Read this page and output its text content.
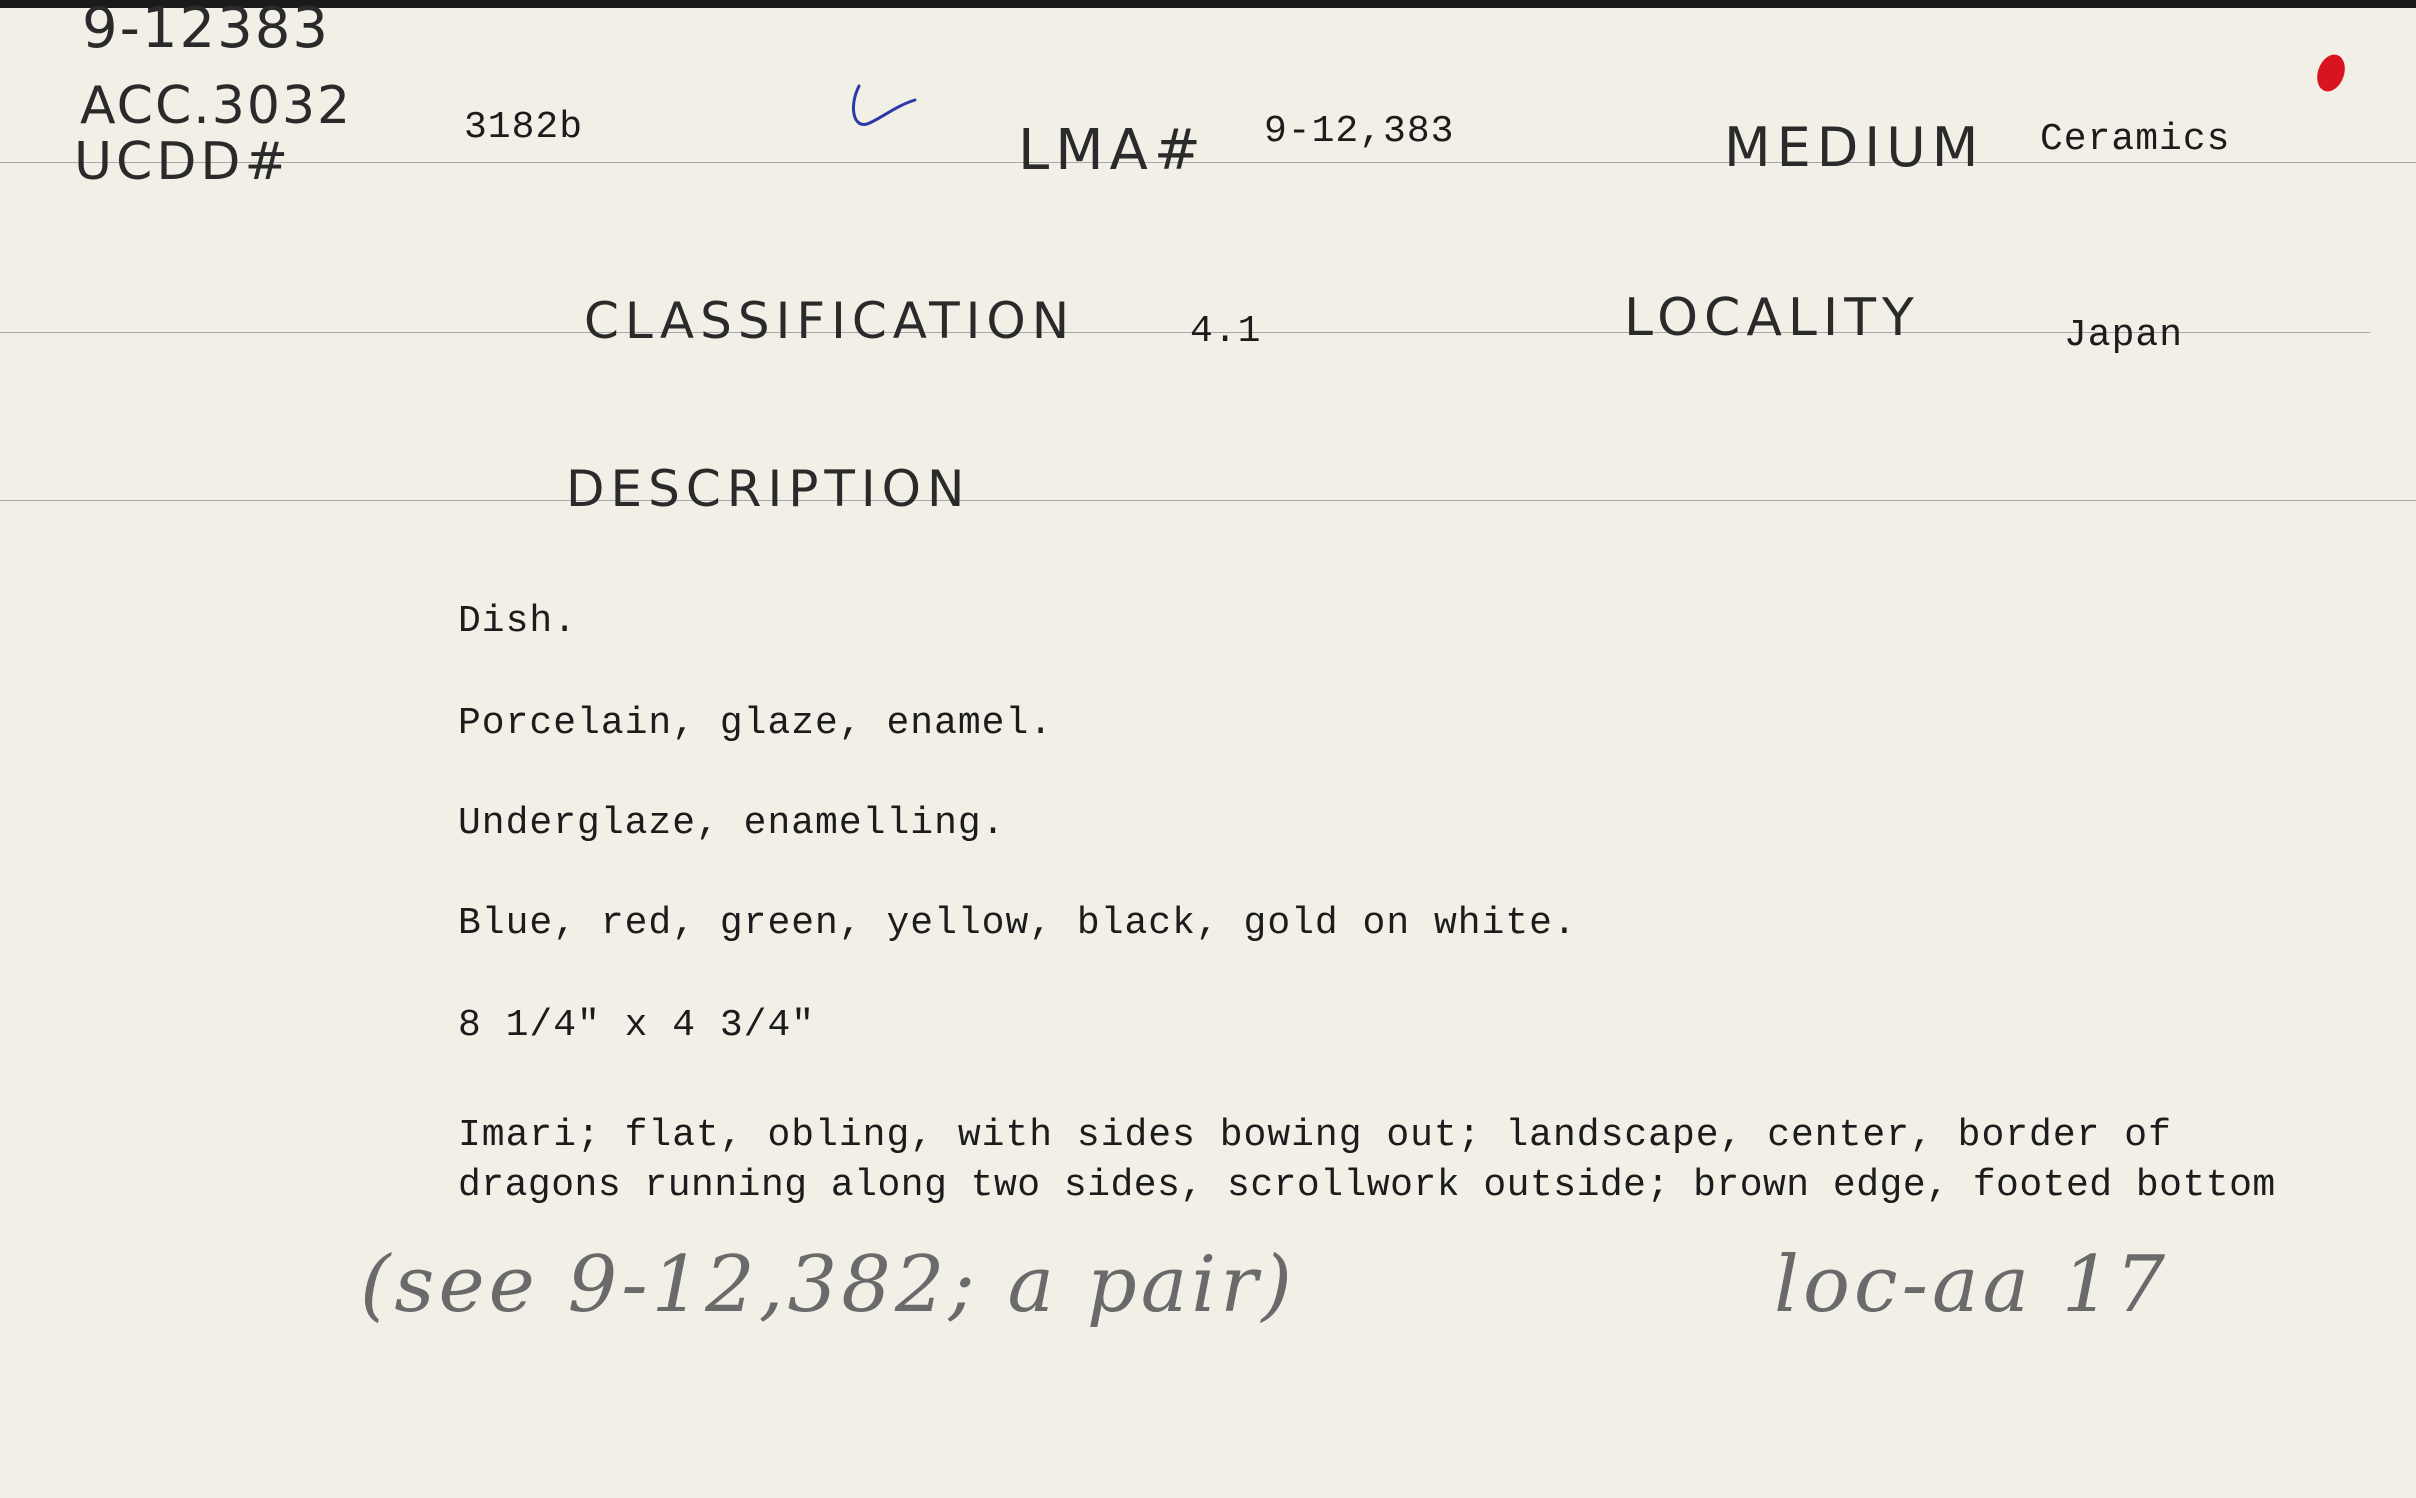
9-12383
ACC.3032
UCDD#
3182b	LMA# 9-12,383	MEDIUM Ceramics
CLASSIFICATION	4.1	LOCALITY	Japan
DESCRIPTION
Dish.
Porcelain, glaze, enamel.
Underglaze, enamelling.
Blue, red, green, yellow, black, gold on white.
8 1/4" x 4 3/4"
Imari; flat, obling, with sides bowing out; landscape, center, border of
dragons running along two sides, scrollwork outside; brown edge, footed bottom
(see 9-12,382; a pair)	loc-aa 17
